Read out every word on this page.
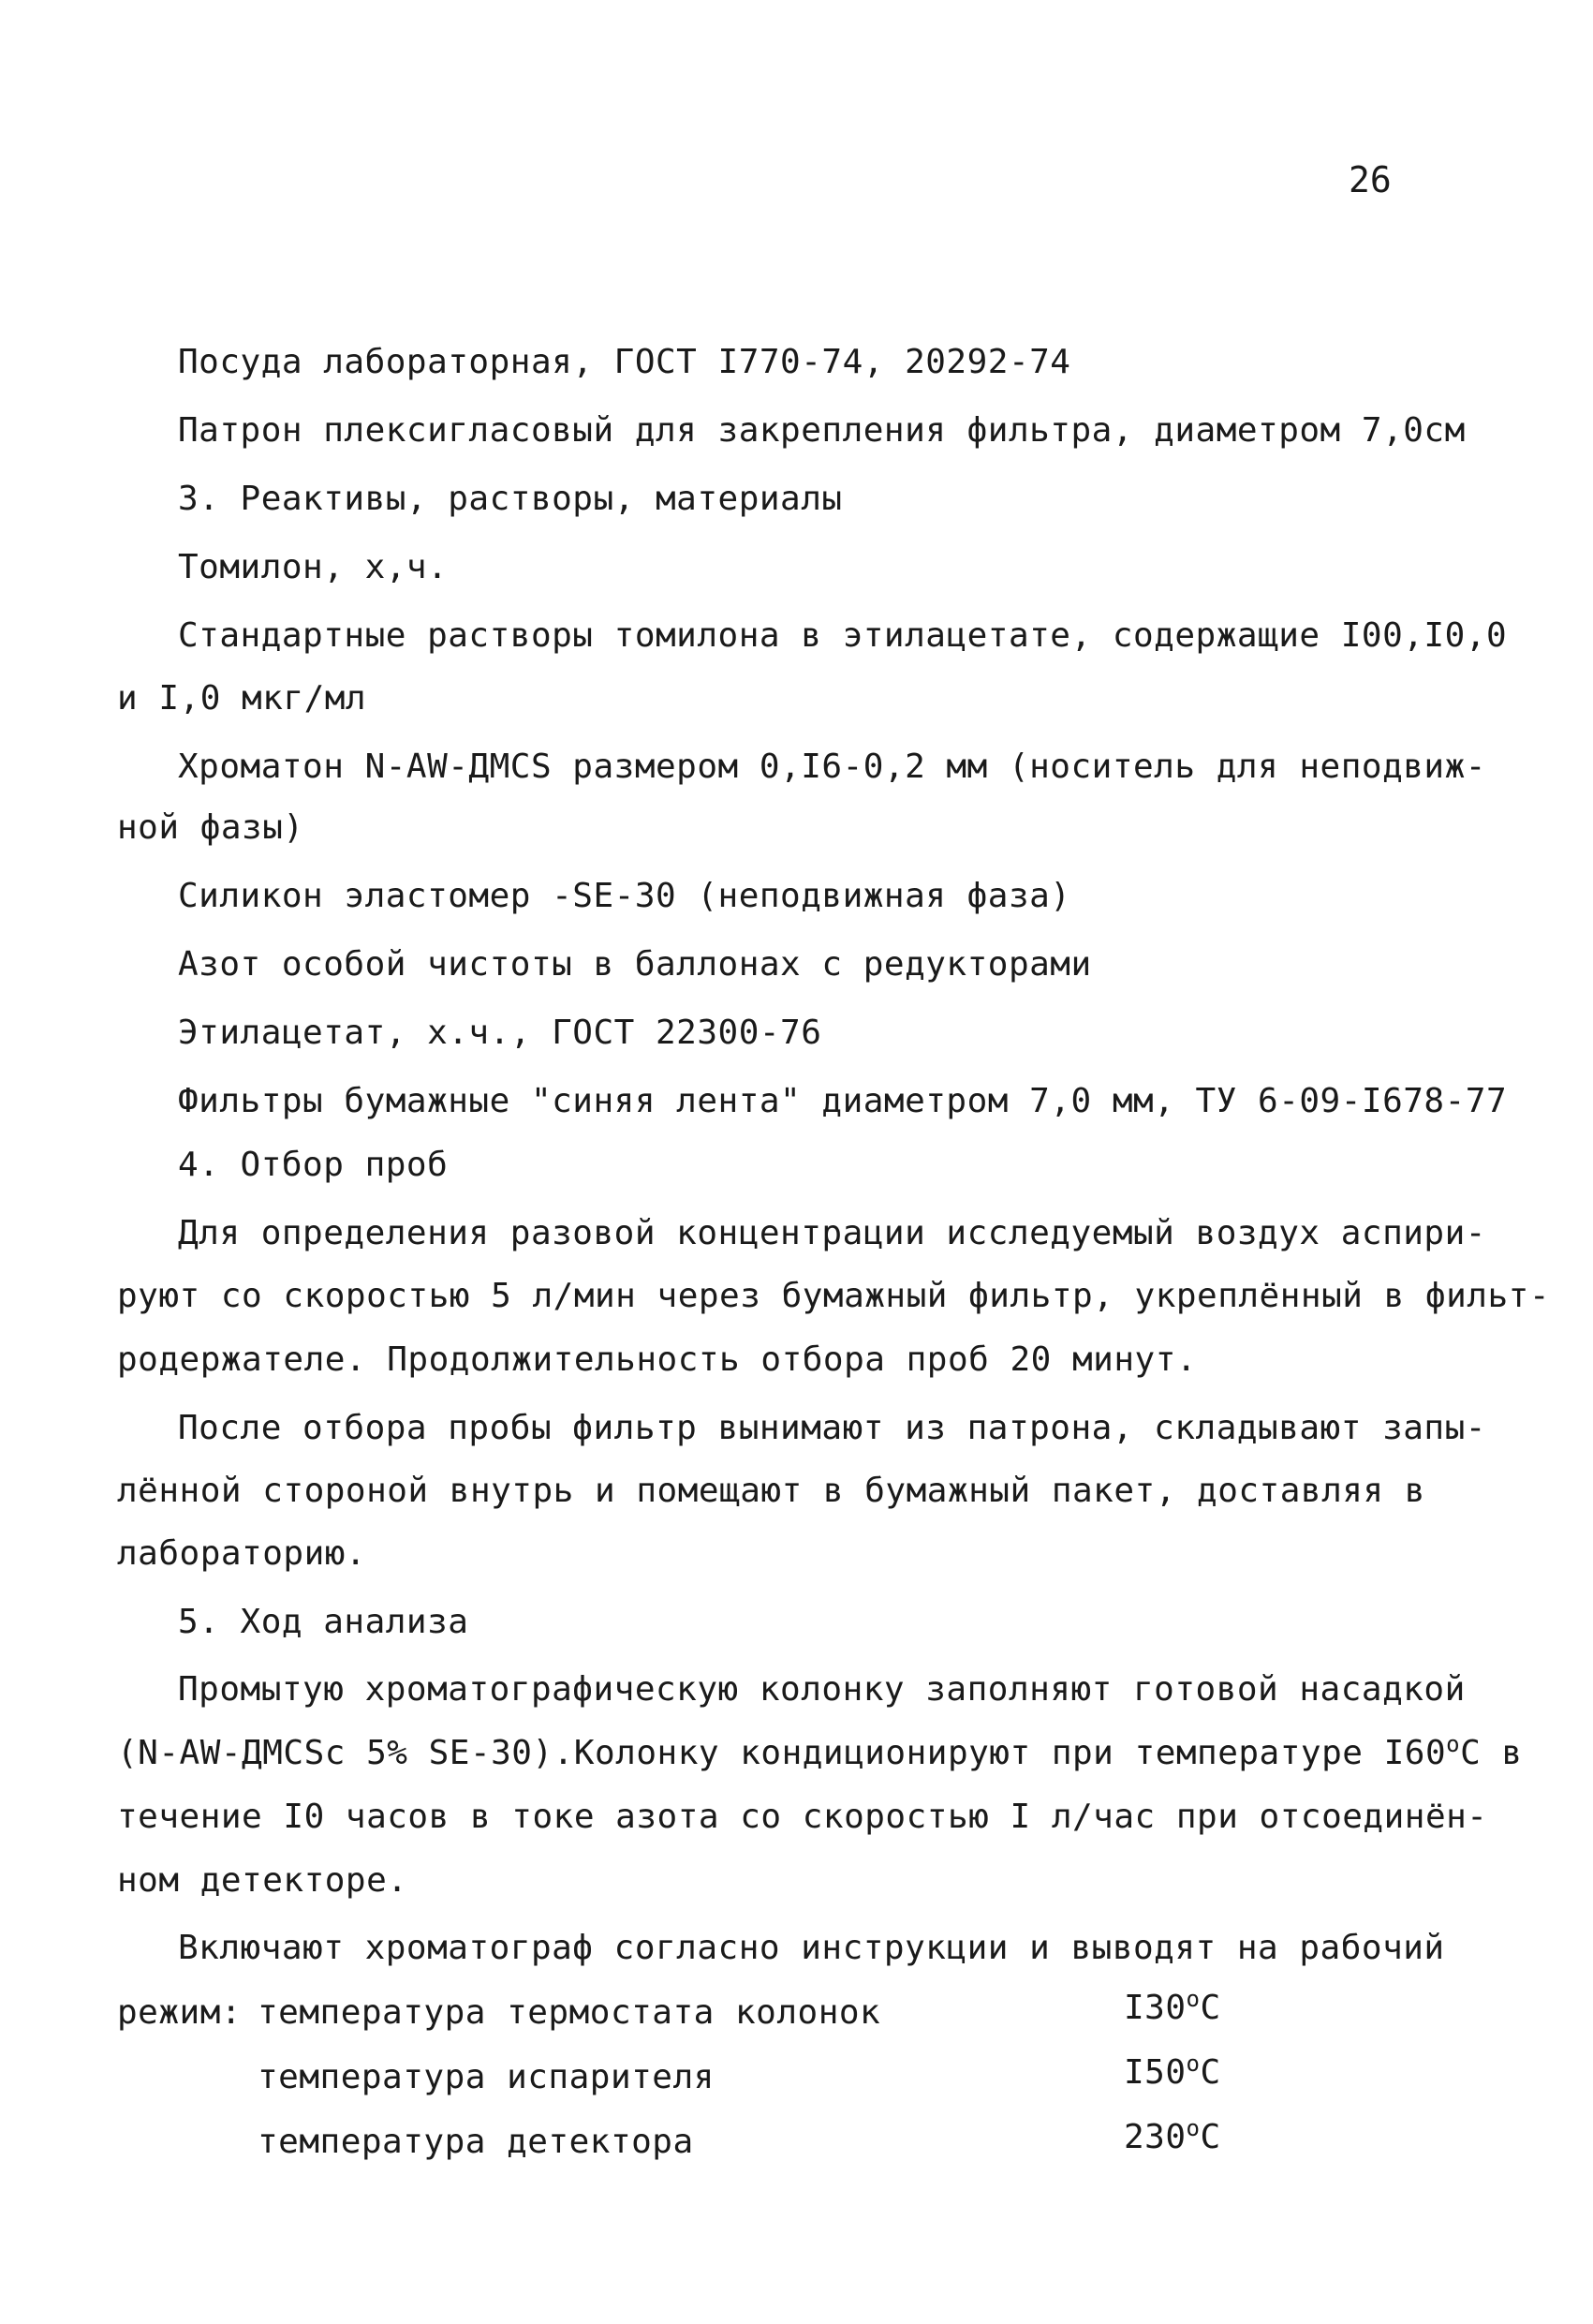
26
Посуда лабораторная, ГОСТ I770-74, 20292-74
Патрон плексигласовый для закрепления фильтра, диаметром 7,0см
3. Реактивы, растворы, материалы
Томилон, х,ч.
Стандартные растворы томилона в этилацетате, содержащие I00,I0,0
и I,0 мкг/мл
Хроматон N-AW-ДМСS размером 0,I6-0,2 мм (носитель для неподвиж-
ной фазы)
Силикон эластомер -SE-30 (неподвижная фаза)
Азот особой чистоты в баллонах с редукторами
Этилацетат, х.ч., ГОСТ 22300-76
Фильтры бумажные "синяя лента" диаметром 7,0 мм, ТУ 6-09-I678-77
4. Отбор проб
Для определения разовой концентрации исследуемый воздух аспири-
руют со скоростью 5 л/мин через бумажный фильтр, укреплённый в фильт-
родержателе. Продолжительность отбора проб 20 минут.
После отбора пробы фильтр вынимают из патрона, складывают запы-
лённой стороной внутрь и помещают в бумажный пакет, доставляя в
лабораторию.
5. Ход анализа
Промытую хроматографическую колонку заполняют готовой насадкой
(N-AW-ДМСSс 5% SE-30).Колонку кондиционируют при температуре I60$^o$C в
течение I0 часов в токе азота со скоростью I л/час при отсоединён-
ном детекторе.
Включают хроматограф согласно инструкции и выводят на рабочий
режим: температура термостата колонок	I30$^o$C
температура испарителя	I50$^o$C
температура детектора	230$^o$C
